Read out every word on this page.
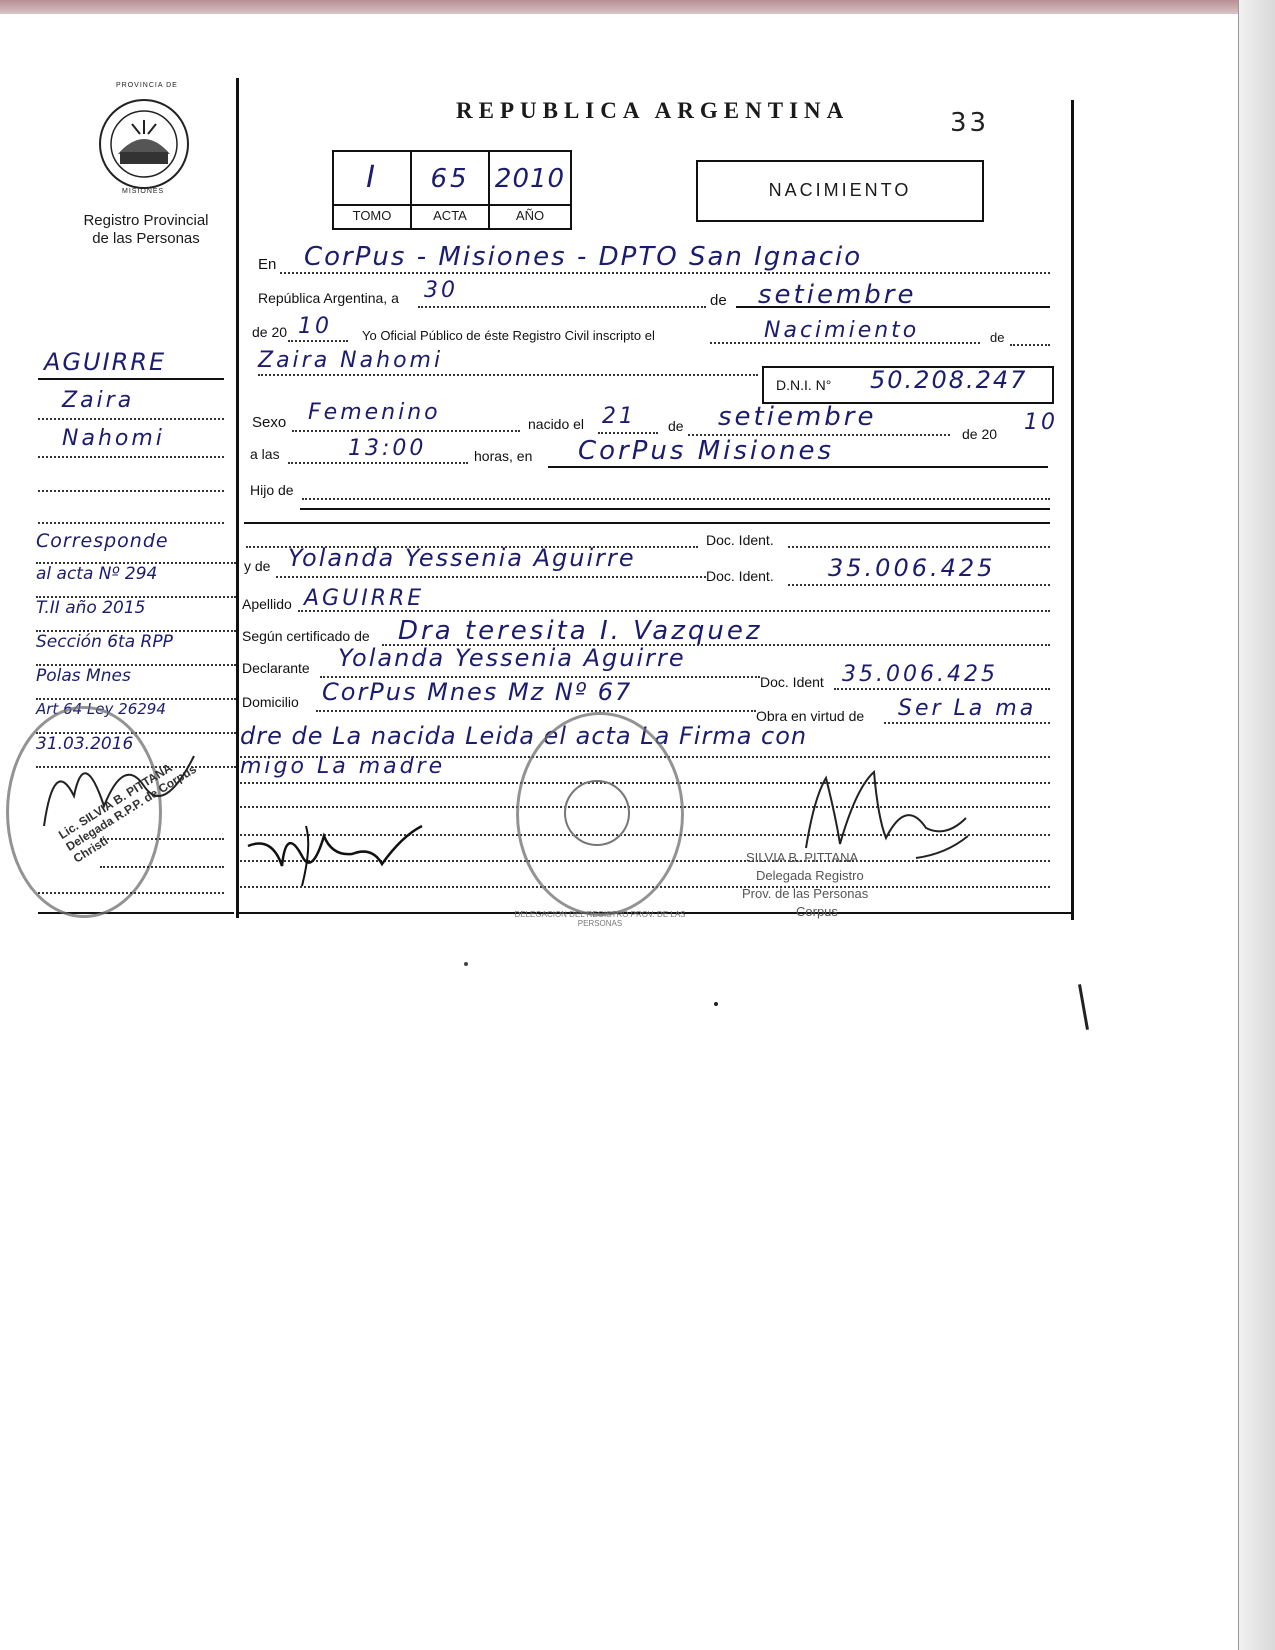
PROVINCIA DE
MISIONES
Registro Provincial
de las Personas
REPUBLICA ARGENTINA	33
I	65 2010
TOMO	ACTA	AÑO
NACIMIENTO
En CorPus - Misiones - DPTO San Ignacio
República Argentina, a 30	de setiembre
de 20 10 Yo Oficial Público de éste Registro Civil inscripto el	Nacimiento	de
Zaira Nahomi
D.N.I. N° 50.208.247
Sexo Femenino	nacido el 21 de setiembre
de 20 10
a las	13:00	horas, en CorPus Misiones
Hijo de
Doc. Ident.
y de Yolanda Yessenia Aguirre
Doc. Ident. 35.006.425
Apellido AGUIRRE
Según certificado de Dra teresita I. Vazquez
Declarante Yolanda Yessenia Aguirre
Doc. Ident 35.006.425
Domicilio CorPus Mnes Mz Nº 67
Obra en virtud de Ser La ma
dre de La nacida Leida el acta La Firma con
migo La madre
DELEGACION DEL REGISTRO PROV. DE LAS PERSONAS
SILVIA B. PITTANA
Delegada Registro
Prov. de las Personas
Corpus
AGUIRRE
Zaira
Nahomi
Corresponde
al acta Nº 294
T.II año 2015
Sección 6ta RPP
Polas Mnes
Art 64 Ley 26294
31.03.2016
Lic. SILVIA B. PITTANA Delegada R.P.P. de Corpus Christi
